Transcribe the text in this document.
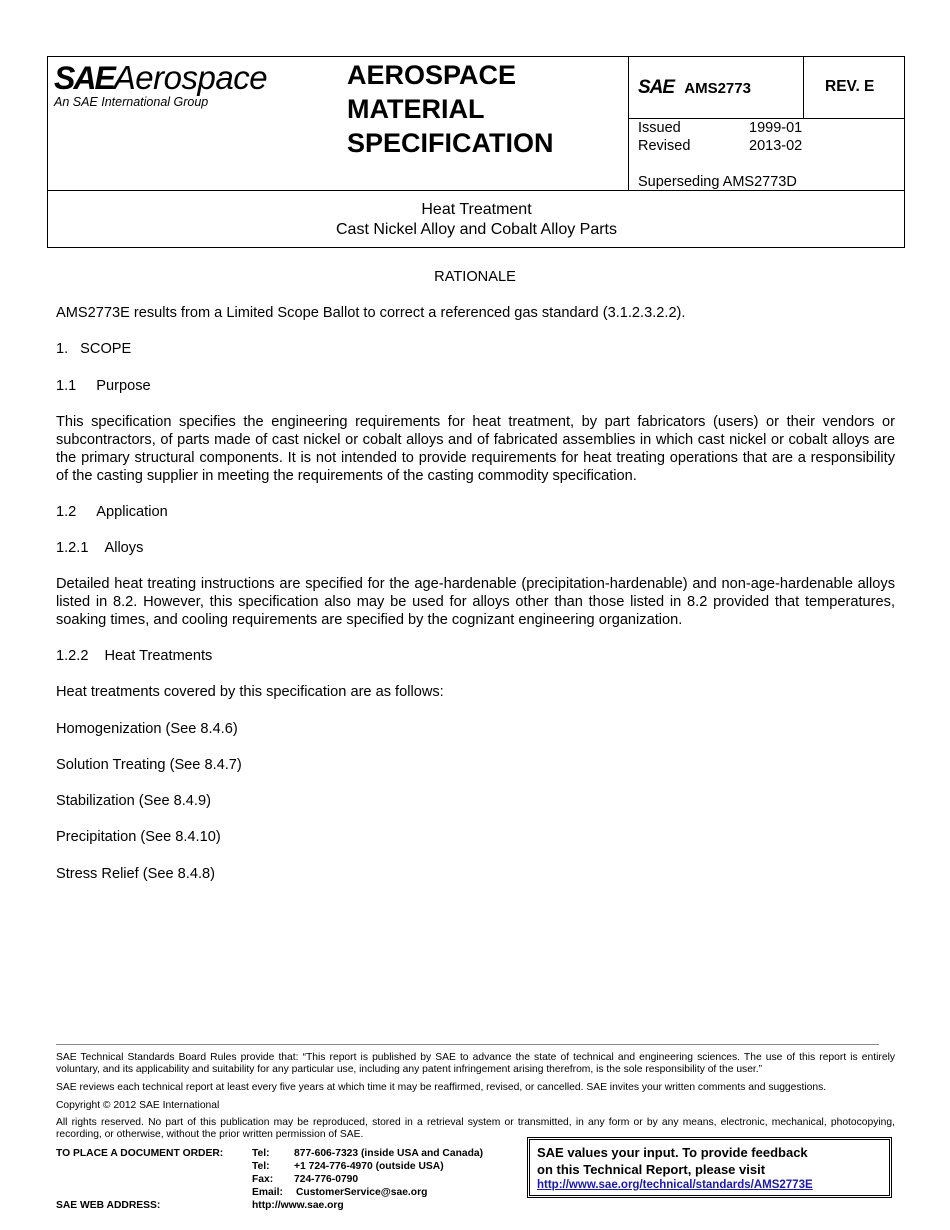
SAEAerospace
An SAE International Group
AEROSPACE
MATERIAL
SPECIFICATION
SAE AMS2773	REV. E
Issued	1999-01
Revised	2013-02
Superseding AMS2773D
Heat Treatment
Cast Nickel Alloy and Cobalt Alloy Parts
RATIONALE
AMS2773E results from a Limited Scope Ballot to correct a referenced gas standard (3.1.2.3.2.2).
1. SCOPE
1.1 Purpose
This specification specifies the engineering requirements for heat treatment, by part fabricators (users) or their vendors or subcontractors, of parts made of cast nickel or cobalt alloys and of fabricated assemblies in which cast nickel or cobalt alloys are the primary structural components. It is not intended to provide requirements for heat treating operations that are a responsibility of the casting supplier in meeting the requirements of the casting commodity specification.
1.2 Application
1.2.1 Alloys
Detailed heat treating instructions are specified for the age-hardenable (precipitation-hardenable) and non-age-hardenable alloys listed in 8.2. However, this specification also may be used for alloys other than those listed in 8.2 provided that temperatures, soaking times, and cooling requirements are specified by the cognizant engineering organization.
1.2.2 Heat Treatments
Heat treatments covered by this specification are as follows:
Homogenization (See 8.4.6)
Solution Treating (See 8.4.7)
Stabilization (See 8.4.9)
Precipitation (See 8.4.10)
Stress Relief (See 8.4.8)
SAE Technical Standards Board Rules provide that: “This report is published by SAE to advance the state of technical and engineering sciences. The use of this report is entirely voluntary, and its applicability and suitability for any particular use, including any patent infringement arising therefrom, is the sole responsibility of the user.”
SAE reviews each technical report at least every five years at which time it may be reaffirmed, revised, or cancelled. SAE invites your written comments and suggestions.
Copyright © 2012 SAE International
All rights reserved. No part of this publication may be reproduced, stored in a retrieval system or transmitted, in any form or by any means, electronic, mechanical, photocopying, recording, or otherwise, without the prior written permission of SAE.
TO PLACE A DOCUMENT ORDER:	Tel: 877-606-7323 (inside USA and Canada)
Tel: +1 724-776-4970 (outside USA)
Fax: 724-776-0790
Email: CustomerService@sae.org
SAE WEB ADDRESS:	http://www.sae.org
SAE values your input. To provide feedback
on this Technical Report, please visit
http://www.sae.org/technical/standards/AMS2773E
